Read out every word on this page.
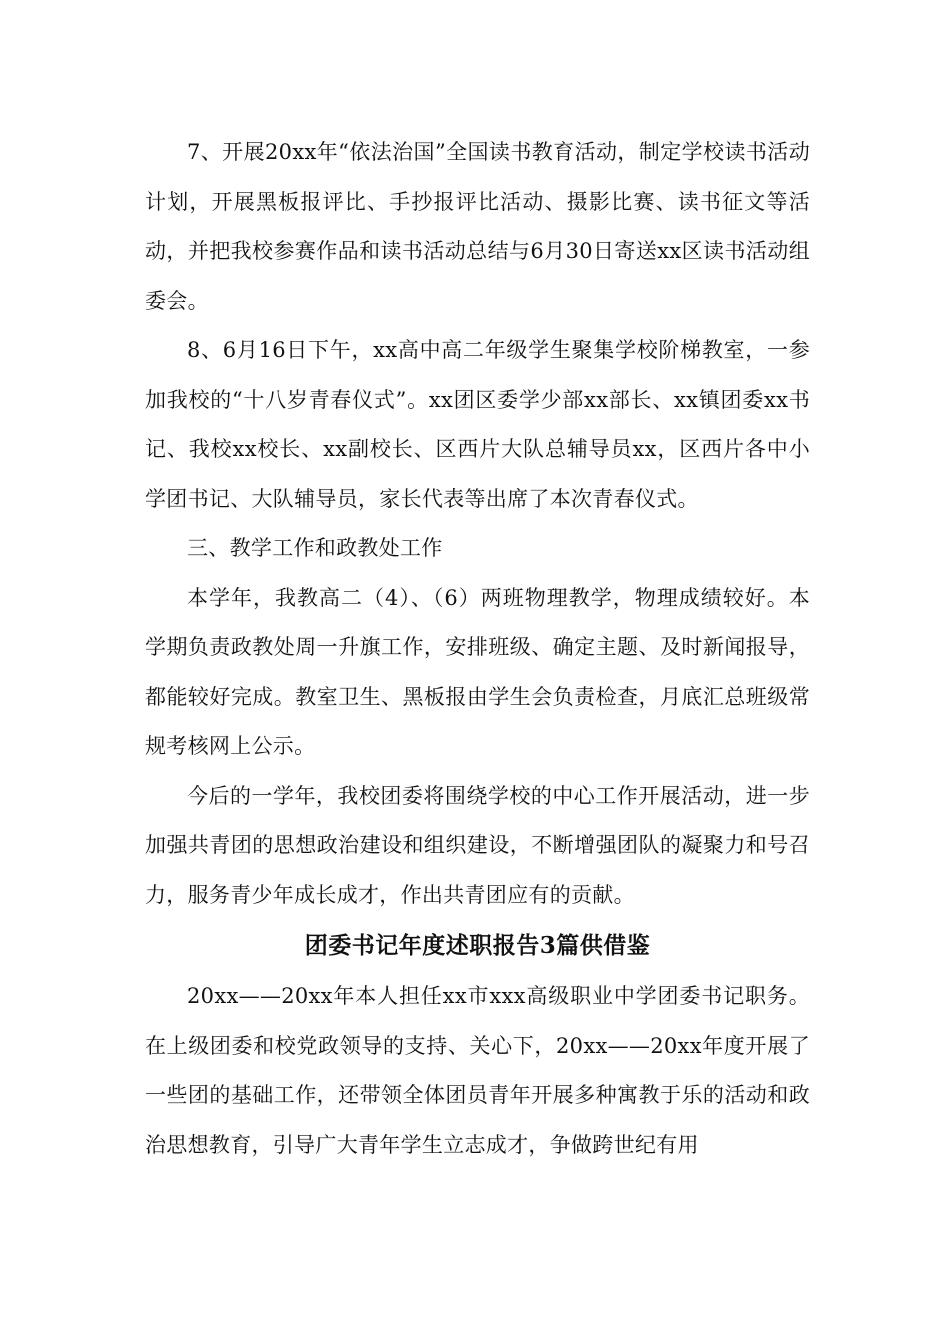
7、开展20xx年“依法治国”全国读书教育活动，制定学校读书活动计划，开展黑板报评比、手抄报评比活动、摄影比赛、读书征文等活动，并把我校参赛作品和读书活动总结与6月30日寄送xx区读书活动组委会。

8、6月16日下午，xx高中高二年级学生聚集学校阶梯教室，一参加我校的“十八岁青春仪式”。xx团区委学少部xx部长、xx镇团委xx书记、我校xx校长、xx副校长、区西片大队总辅导员xx，区西片各中小学团书记、大队辅导员，家长代表等出席了本次青春仪式。

三、教学工作和政教处工作

本学年，我教高二（4）、（6）两班物理教学，物理成绩较好。本学期负责政教处周一升旗工作，安排班级、确定主题、及时新闻报导，都能较好完成。教室卫生、黑板报由学生会负责检查，月底汇总班级常规考核网上公示。

今后的一学年，我校团委将围绕学校的中心工作开展活动，进一步加强共青团的思想政治建设和组织建设，不断增强团队的凝聚力和号召力，服务青少年成长成才，作出共青团应有的贡献。

团委书记年度述职报告3篇供借鉴

20xx——20xx年本人担任xx市xxx高级职业中学团委书记职务。在上级团委和校党政领导的支持、关心下，20xx——20xx年度开展了一些团的基础工作，还带领全体团员青年开展多种寓教于乐的活动和政治思想教育，引导广大青年学生立志成才，争做跨世纪有用
